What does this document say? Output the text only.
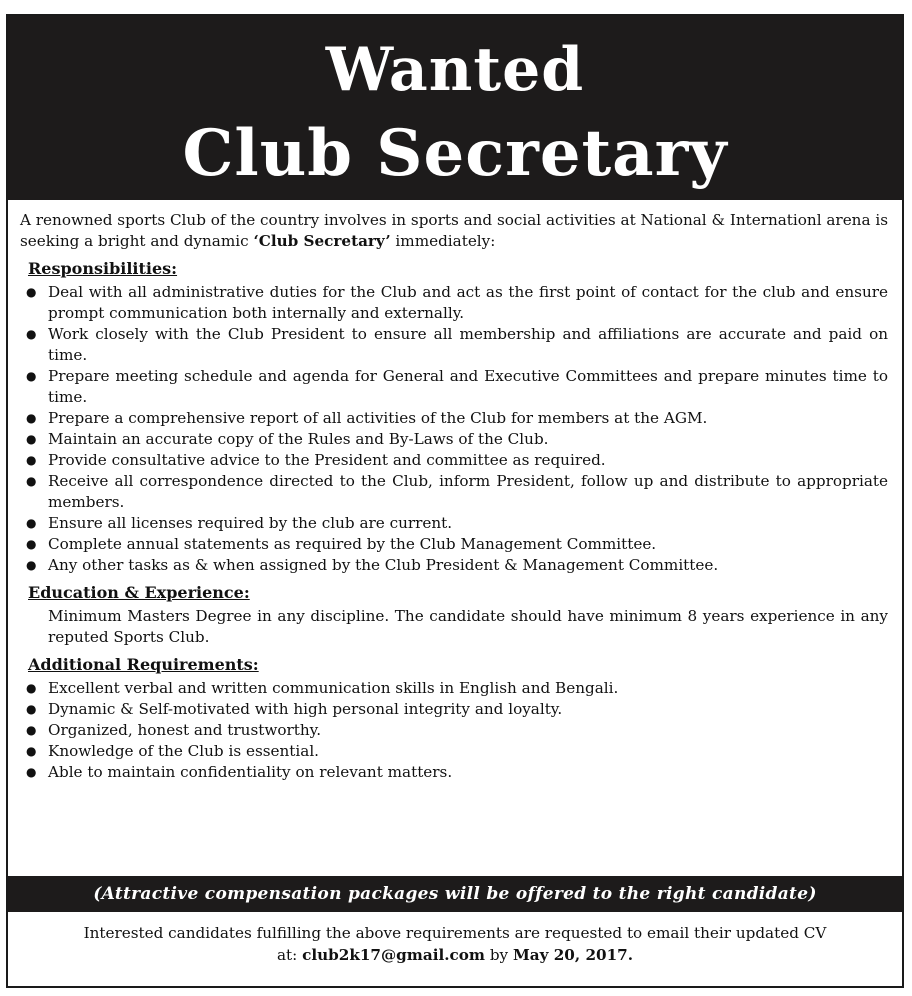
Wanted
Club Secretary

A renowned sports Club of the country involves in sports and social activities at National & Internationl arena is seeking a bright and dynamic ‘Club Secretary’ immediately:

Responsibilities:
● Deal with all administrative duties for the Club and act as the first point of contact for the club and ensure prompt communication both internally and externally.
● Work closely with the Club President to ensure all membership and affiliations are accurate and paid on time.
● Prepare meeting schedule and agenda for General and Executive Committees and prepare minutes time to time.
● Prepare a comprehensive report of all activities of the Club for members at the AGM.
● Maintain an accurate copy of the Rules and By-Laws of the Club.
● Provide consultative advice to the President and committee as required.
● Receive all correspondence directed to the Club, inform President, follow up and distribute to appropriate members.
● Ensure all licenses required by the club are current.
● Complete annual statements as required by the Club Management Committee.
● Any other tasks as & when assigned by the Club President & Management Committee.
Education & Experience:

Minimum Masters Degree in any discipline. The candidate should have minimum 8 years experience in any reputed Sports Club.

Additional Requirements:
● Excellent verbal and written communication skills in English and Bengali.
● Dynamic & Self-motivated with high personal integrity and loyalty.
● Organized, honest and trustworthy.
● Knowledge of the Club is essential.
● Able to maintain confidentiality on relevant matters.
(Attractive compensation packages will be offered to the right candidate)
Interested candidates fulfilling the above requirements are requested to email their updated CV
at: club2k17@gmail.com by May 20, 2017.
